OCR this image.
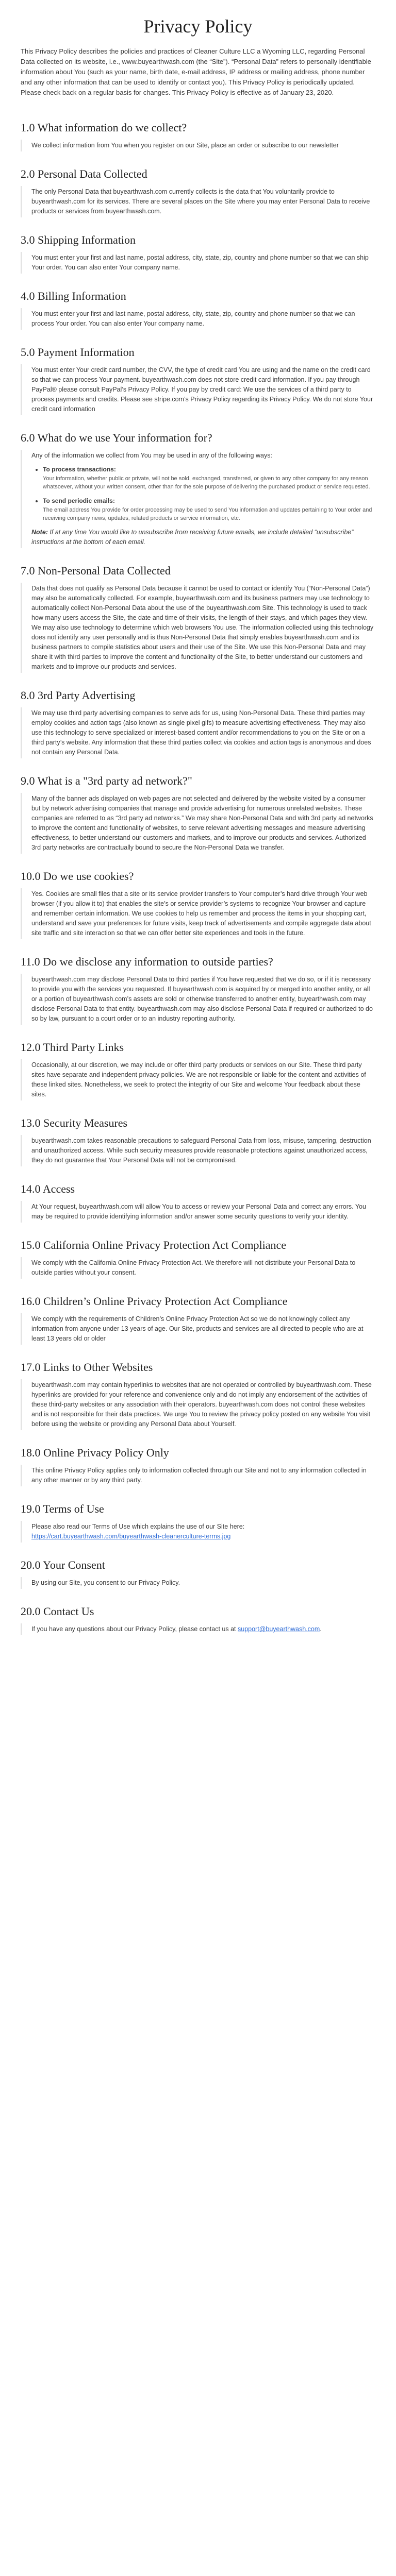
Privacy Policy

This Privacy Policy describes the policies and practices of Cleaner Culture LLC a Wyoming LLC, regarding Personal Data collected on its website, i.e., www.buyearthwash.com (the “Site”). “Personal Data” refers to personally identifiable information about You (such as your name, birth date, e-mail address, IP address or mailing address, phone number and any other information that can be used to identify or contact you). This Privacy Policy is periodically updated. Please check back on a regular basis for changes. This Privacy Policy is effective as of January 23, 2020.

1.0 What information do we collect?

We collect information from You when you register on our Site, place an order or subscribe to our newsletter

2.0 Personal Data Collected

The only Personal Data that buyearthwash.com currently collects is the data that You voluntarily provide to buyearthwash.com for its services. There are several places on the Site where you may enter Personal Data to receive products or services from buyearthwash.com.

3.0 Shipping Information

You must enter your first and last name, postal address, city, state, zip, country and phone number so that we can ship Your order. You can also enter Your company name.

4.0 Billing Information

You must enter your first and last name, postal address, city, state, zip, country and phone number so that we can process Your order. You can also enter Your company name.

5.0 Payment Information

You must enter Your credit card number, the CVV, the type of credit card You are using and the name on the credit card so that we can process Your payment. buyearthwash.com does not store credit card information. If you pay through PayPal® please consult PayPal’s Privacy Policy. If you pay by credit card: We use the services of a third party to process payments and credits. Please see stripe.com’s Privacy Policy regarding its Privacy Policy. We do not store Your credit card information

6.0 What do we use Your information for?

Any of the information we collect from You may be used in any of the following ways:

• To process transactions:
Your information, whether public or private, will not be sold, exchanged, transferred, or given to any other company for any reason whatsoever, without your written consent, other than for the sole purpose of delivering the purchased product or service requested.
• To send periodic emails:
The email address You provide for order processing may be used to send You information and updates pertaining to Your order and receiving company news, updates, related products or service information, etc.

Note: If at any time You would like to unsubscribe from receiving future emails, we include detailed “unsubscribe” instructions at the bottom of each email.

7.0 Non-Personal Data Collected

Data that does not qualify as Personal Data because it cannot be used to contact or identify You (“Non-Personal Data”) may also be automatically collected. For example, buyearthwash.com and its business partners may use technology to automatically collect Non-Personal Data about the use of the buyearthwash.com Site. This technology is used to track how many users access the Site, the date and time of their visits, the length of their stays, and which pages they view. We may also use technology to determine which web browsers You use. The information collected using this technology does not identify any user personally and is thus Non-Personal Data that simply enables buyearthwash.com and its business partners to compile statistics about users and their use of the Site. We use this Non-Personal Data and may share it with third parties to improve the content and functionality of the Site, to better understand our customers and markets and to improve our products and services.

8.0 3rd Party Advertising

We may use third party advertising companies to serve ads for us, using Non-Personal Data. These third parties may employ cookies and action tags (also known as single pixel gifs) to measure advertising effectiveness. They may also use this technology to serve specialized or interest-based content and/or recommendations to you on the Site or on a third party’s website. Any information that these third parties collect via cookies and action tags is anonymous and does not contain any Personal Data.

9.0 What is a "3rd party ad network?"

Many of the banner ads displayed on web pages are not selected and delivered by the website visited by a consumer but by network advertising companies that manage and provide advertising for numerous unrelated websites. These companies are referred to as “3rd party ad networks.” We may share Non-Personal Data and with 3rd party ad networks to improve the content and functionality of websites, to serve relevant advertising messages and measure advertising effectiveness, to better understand our customers and markets, and to improve our products and services. Authorized 3rd party networks are contractually bound to secure the Non-Personal Data we transfer.

10.0 Do we use cookies?

Yes. Cookies are small files that a site or its service provider transfers to Your computer’s hard drive through Your web browser (if you allow it to) that enables the site’s or service provider’s systems to recognize Your browser and capture and remember certain information. We use cookies to help us remember and process the items in your shopping cart, understand and save your preferences for future visits, keep track of advertisements and compile aggregate data about site traffic and site interaction so that we can offer better site experiences and tools in the future.

11.0 Do we disclose any information to outside parties?

buyearthwash.com may disclose Personal Data to third parties if You have requested that we do so, or if it is necessary to provide you with the services you requested. If buyearthwash.com is acquired by or merged into another entity, or all or a portion of buyearthwash.com’s assets are sold or otherwise transferred to another entity, buyearthwash.com may disclose Personal Data to that entity. buyearthwash.com may also disclose Personal Data if required or authorized to do so by law, pursuant to a court order or to an industry reporting authority.

12.0 Third Party Links

Occasionally, at our discretion, we may include or offer third party products or services on our Site. These third party sites have separate and independent privacy policies. We are not responsible or liable for the content and activities of these linked sites. Nonetheless, we seek to protect the integrity of our Site and welcome Your feedback about these sites.

13.0 Security Measures

buyearthwash.com takes reasonable precautions to safeguard Personal Data from loss, misuse, tampering, destruction and unauthorized access. While such security measures provide reasonable protections against unauthorized access, they do not guarantee that Your Personal Data will not be compromised.

14.0 Access

At Your request, buyearthwash.com will allow You to access or review your Personal Data and correct any errors. You may be required to provide identifying information and/or answer some security questions to verify your identity.

15.0 California Online Privacy Protection Act Compliance

We comply with the California Online Privacy Protection Act. We therefore will not distribute your Personal Data to outside parties without your consent.

16.0 Children’s Online Privacy Protection Act Compliance

We comply with the requirements of Children’s Online Privacy Protection Act so we do not knowingly collect any information from anyone under 13 years of age. Our Site, products and services are all directed to people who are at least 13 years old or older

17.0 Links to Other Websites

buyearthwash.com may contain hyperlinks to websites that are not operated or controlled by buyearthwash.com. These hyperlinks are provided for your reference and convenience only and do not imply any endorsement of the activities of these third-party websites or any association with their operators. buyearthwash.com does not control these websites and is not responsible for their data practices. We urge You to review the privacy policy posted on any website You visit before using the website or providing any Personal Data about Yourself.

18.0 Online Privacy Policy Only

This online Privacy Policy applies only to information collected through our Site and not to any information collected in any other manner or by any third party.

19.0 Terms of Use

Please also read our Terms of Use which explains the use of our Site here: https://cart.buyearthwash.com/buyearthwash-cleanerculture-terms.jpg

20.0 Your Consent

By using our Site, you consent to our Privacy Policy.

20.0 Contact Us

If you have any questions about our Privacy Policy, please contact us at support@buyearthwash.com.
